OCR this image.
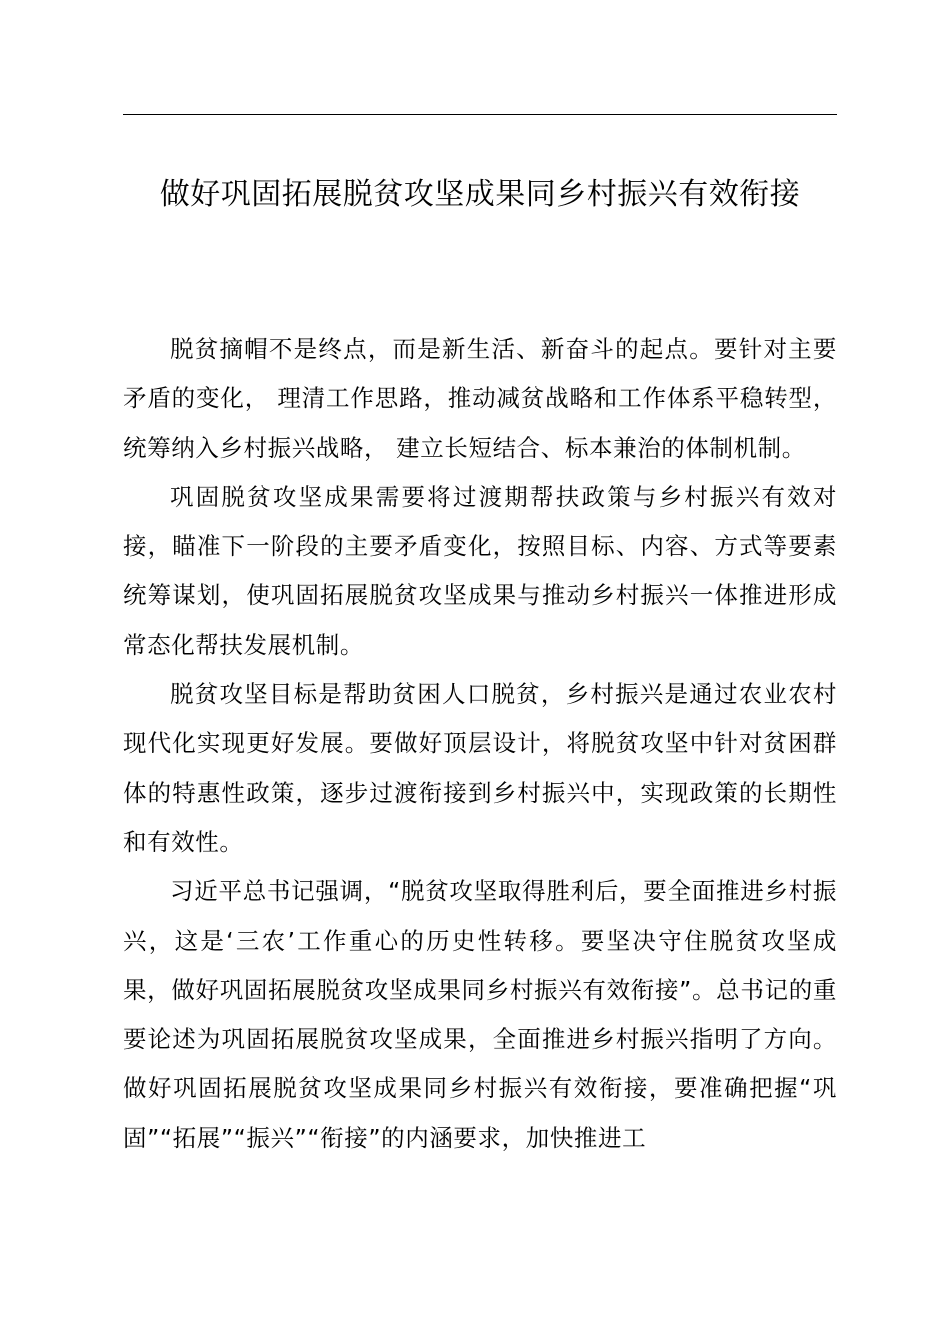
做好巩固拓展脱贫攻坚成果同乡村振兴有效衔接

脱贫摘帽不是终点，而是新生活、新奋斗的起点。要针对主要矛盾的变化， 理清工作思路，推动减贫战略和工作体系平稳转型，统筹纳入乡村振兴战略， 建立长短结合、标本兼治的体制机制。

巩固脱贫攻坚成果需要将过渡期帮扶政策与乡村振兴有效对接，瞄准下一阶段的主要矛盾变化，按照目标、内容、方式等要素统筹谋划，使巩固拓展脱贫攻坚成果与推动乡村振兴一体推进形成常态化帮扶发展机制。

脱贫攻坚目标是帮助贫困人口脱贫，乡村振兴是通过农业农村现代化实现更好发展。要做好顶层设计，将脱贫攻坚中针对贫困群体的特惠性政策，逐步过渡衔接到乡村振兴中，实现政策的长期性和有效性。

习近平总书记强调，“脱贫攻坚取得胜利后，要全面推进乡村振兴，这是‘三农’工作重心的历史性转移。要坚决守住脱贫攻坚成果，做好巩固拓展脱贫攻坚成果同乡村振兴有效衔接”。总书记的重要论述为巩固拓展脱贫攻坚成果，全面推进乡村振兴指明了方向。做好巩固拓展脱贫攻坚成果同乡村振兴有效衔接，要准确把握“巩固”“拓展”“振兴”“衔接”的内涵要求，加快推进工
